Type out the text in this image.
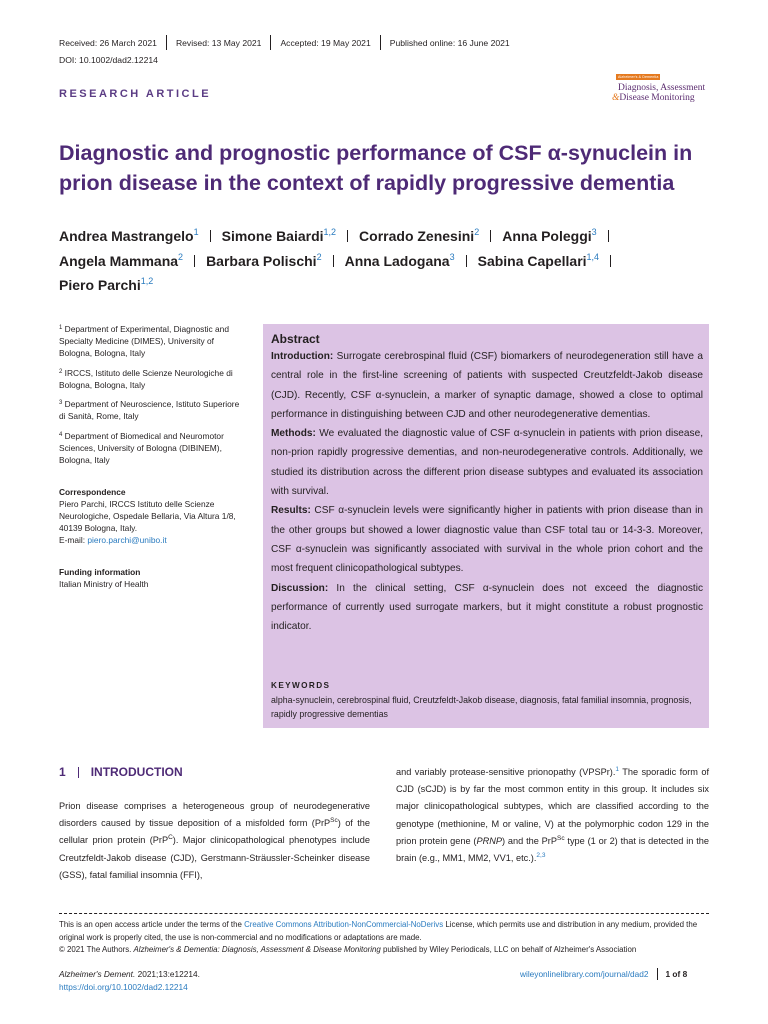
Received: 26 March 2021 Revised: 13 May 2021 Accepted: 19 May 2021 Published online: 16 June 2021
DOI: 10.1002/dad2.12214
Alzheimer's & Dementia
Diagnosis, Assessment
&Disease Monitoring
RESEARCH ARTICLE
Diagnostic and prognostic performance of CSF α-synuclein in prion disease in the context of rapidly progressive dementia
Andrea Mastrangelo$^1$ Simone Baiardi$^{1,2}$ Corrado Zenesini$^2$ Anna Poleggi$^3$
Angela Mammana$^2$ Barbara Polischi$^2$ Anna Ladogana$^3$ Sabina Capellari$^{1,4}$
Piero Parchi$^{1,2}$
$^1$ Department of Experimental, Diagnostic and Specialty Medicine (DIMES), University of Bologna, Bologna, Italy
$^2$ IRCCS, Istituto delle Scienze Neurologiche di Bologna, Bologna, Italy
$^3$ Department of Neuroscience, Istituto Superiore di Sanità, Rome, Italy
$^4$ Department of Biomedical and Neuromotor Sciences, University of Bologna (DIBINEM), Bologna, Italy
Correspondence
Piero Parchi, IRCCS Istituto delle Scienze Neurologiche, Ospedale Bellaria, Via Altura 1/8, 40139 Bologna, Italy.
E-mail: piero.parchi@unibo.it
Funding information
Italian Ministry of Health
Abstract

Introduction: Surrogate cerebrospinal fluid (CSF) biomarkers of neurodegeneration still have a central role in the first-line screening of patients with suspected Creutzfeldt-Jakob disease (CJD). Recently, CSF α-synuclein, a marker of synaptic damage, showed a close to optimal performance in distinguishing between CJD and other neurodegenerative dementias.

Methods: We evaluated the diagnostic value of CSF α-synuclein in patients with prion disease, non-prion rapidly progressive dementias, and non-neurodegenerative controls. Additionally, we studied its distribution across the different prion disease subtypes and evaluated its association with survival.

Results: CSF α-synuclein levels were significantly higher in patients with prion disease than in the other groups but showed a lower diagnostic value than CSF total tau or 14-3-3. Moreover, CSF α-synuclein was significantly associated with survival in the whole prion cohort and the most frequent clinicopathological subtypes.

Discussion: In the clinical setting, CSF α-synuclein does not exceed the diagnostic performance of currently used surrogate markers, but it might constitute a robust prognostic indicator.

KEYWORDS
alpha-synuclein, cerebrospinal fluid, Creutzfeldt-Jakob disease, diagnosis, fatal familial insomnia, prognosis, rapidly progressive dementias
1 INTRODUCTION
Prion disease comprises a heterogeneous group of neurodegenerative disorders caused by tissue deposition of a misfolded form (PrP$^{Sc}$) of the cellular prion protein (PrP$^C$). Major clinicopathological phenotypes include Creutzfeldt-Jakob disease (CJD), Gerstmann-Sträussler-Scheinker disease (GSS), fatal familial insomnia (FFI),
and variably protease-sensitive prionopathy (VPSPr).$^1$ The sporadic form of CJD (sCJD) is by far the most common entity in this group. It includes six major clinicopathological subtypes, which are classified according to the genotype (methionine, M or valine, V) at the polymorphic codon 129 in the prion protein gene (PRNP) and the PrP$^{Sc}$ type (1 or 2) that is detected in the brain (e.g., MM1, MM2, VV1, etc.).$^{2,3}$
This is an open access article under the terms of the Creative Commons Attribution-NonCommercial-NoDerivs License, which permits use and distribution in any medium, provided the original work is properly cited, the use is non-commercial and no modifications or adaptations are made.
© 2021 The Authors. Alzheimer's & Dementia: Diagnosis, Assessment & Disease Monitoring published by Wiley Periodicals, LLC on behalf of Alzheimer's Association
Alzheimer's Dement. 2021;13:e12214.
https://doi.org/10.1002/dad2.12214
wileyonlinelibrary.com/journal/dad2 1 of 8
